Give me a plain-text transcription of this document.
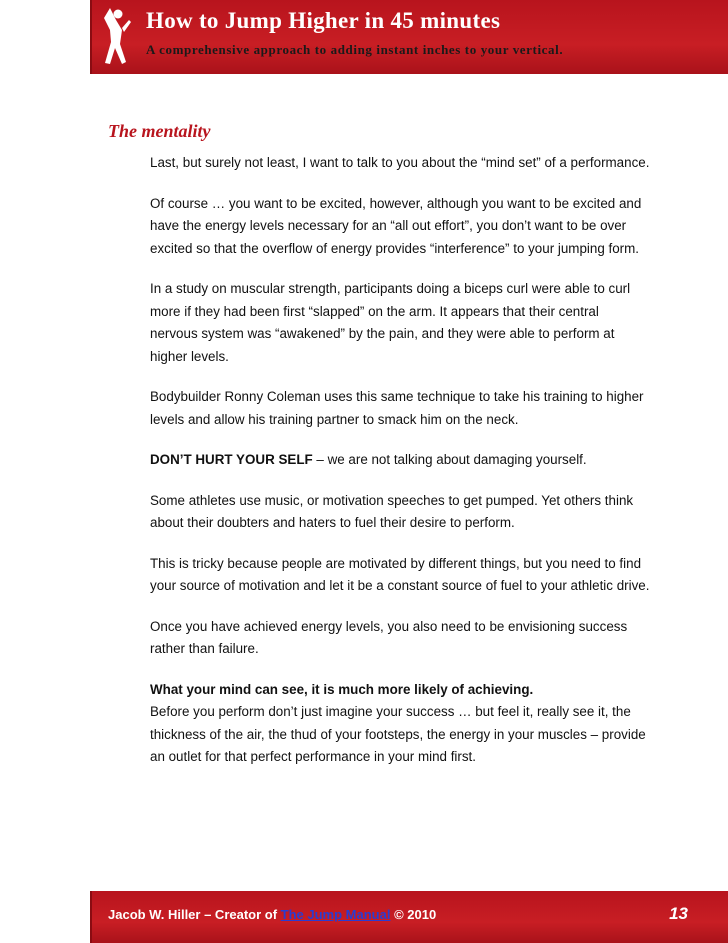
How to Jump Higher in 45 minutes
A comprehensive approach to adding instant inches to your vertical.
The mentality

Last, but surely not least, I want to talk to you about the “mind set” of a performance.

Of course … you want to be excited, however, although you want to be excited and have the energy levels necessary for an “all out effort”, you don’t want to be over excited so that the overflow of energy provides “interference” to your jumping form.

In a study on muscular strength, participants doing a biceps curl were able to curl more if they had been first “slapped” on the arm. It appears that their central nervous system was “awakened” by the pain, and they were able to perform at higher levels.

Bodybuilder Ronny Coleman uses this same technique to take his training to higher levels and allow his training partner to smack him on the neck.

DON’T HURT YOUR SELF – we are not talking about damaging yourself.

Some athletes use music, or motivation speeches to get pumped. Yet others think about their doubters and haters to fuel their desire to perform.

This is tricky because people are motivated by different things, but you need to find your source of motivation and let it be a constant source of fuel to your athletic drive.

Once you have achieved energy levels, you also need to be envisioning success rather than failure.

What your mind can see, it is much more likely of achieving.
Before you perform don’t just imagine your success … but feel it, really see it, the thickness of the air, the thud of your footsteps, the energy in your muscles – provide an outlet for that perfect performance in your mind first.

Jacob W. Hiller – Creator of The Jump Manual © 2010	13
